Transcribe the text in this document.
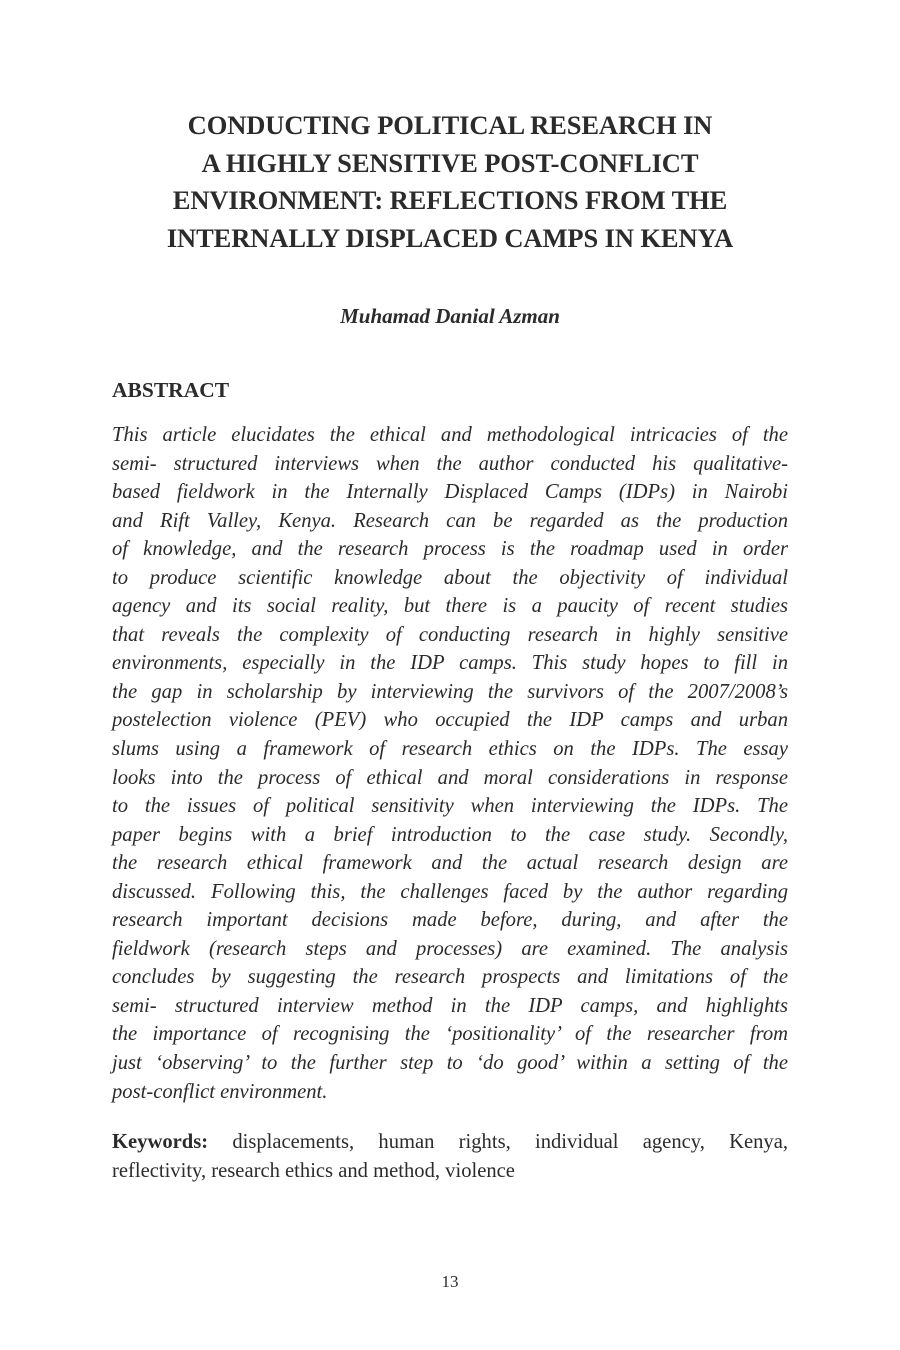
CONDUCTING POLITICAL RESEARCH IN
A HIGHLY SENSITIVE POST-CONFLICT
ENVIRONMENT: REFLECTIONS FROM THE
INTERNALLY DISPLACED CAMPS IN KENYA

Muhamad Danial Azman

ABSTRACT
This article elucidates the ethical and methodological intricacies of the
semi- structured interviews when the author conducted his qualitative-
based fieldwork in the Internally Displaced Camps (IDPs) in Nairobi
and Rift Valley, Kenya. Research can be regarded as the production
of knowledge, and the research process is the roadmap used in order
to produce scientific knowledge about the objectivity of individual
agency and its social reality, but there is a paucity of recent studies
that reveals the complexity of conducting research in highly sensitive
environments, especially in the IDP camps. This study hopes to fill in
the gap in scholarship by interviewing the survivors of the 2007/2008’s
postelection violence (PEV) who occupied the IDP camps and urban
slums using a framework of research ethics on the IDPs. The essay
looks into the process of ethical and moral considerations in response
to the issues of political sensitivity when interviewing the IDPs. The
paper begins with a brief introduction to the case study. Secondly,
the research ethical framework and the actual research design are
discussed. Following this, the challenges faced by the author regarding
research important decisions made before, during, and after the
fieldwork (research steps and processes) are examined. The analysis
concludes by suggesting the research prospects and limitations of the
semi- structured interview method in the IDP camps, and highlights
the importance of recognising the ‘positionality’ of the researcher from
just ‘observing’ to the further step to ‘do good’ within a setting of the
post-conflict environment.
Keywords: displacements, human rights, individual agency, Kenya,
reflectivity, research ethics and method, violence
13
